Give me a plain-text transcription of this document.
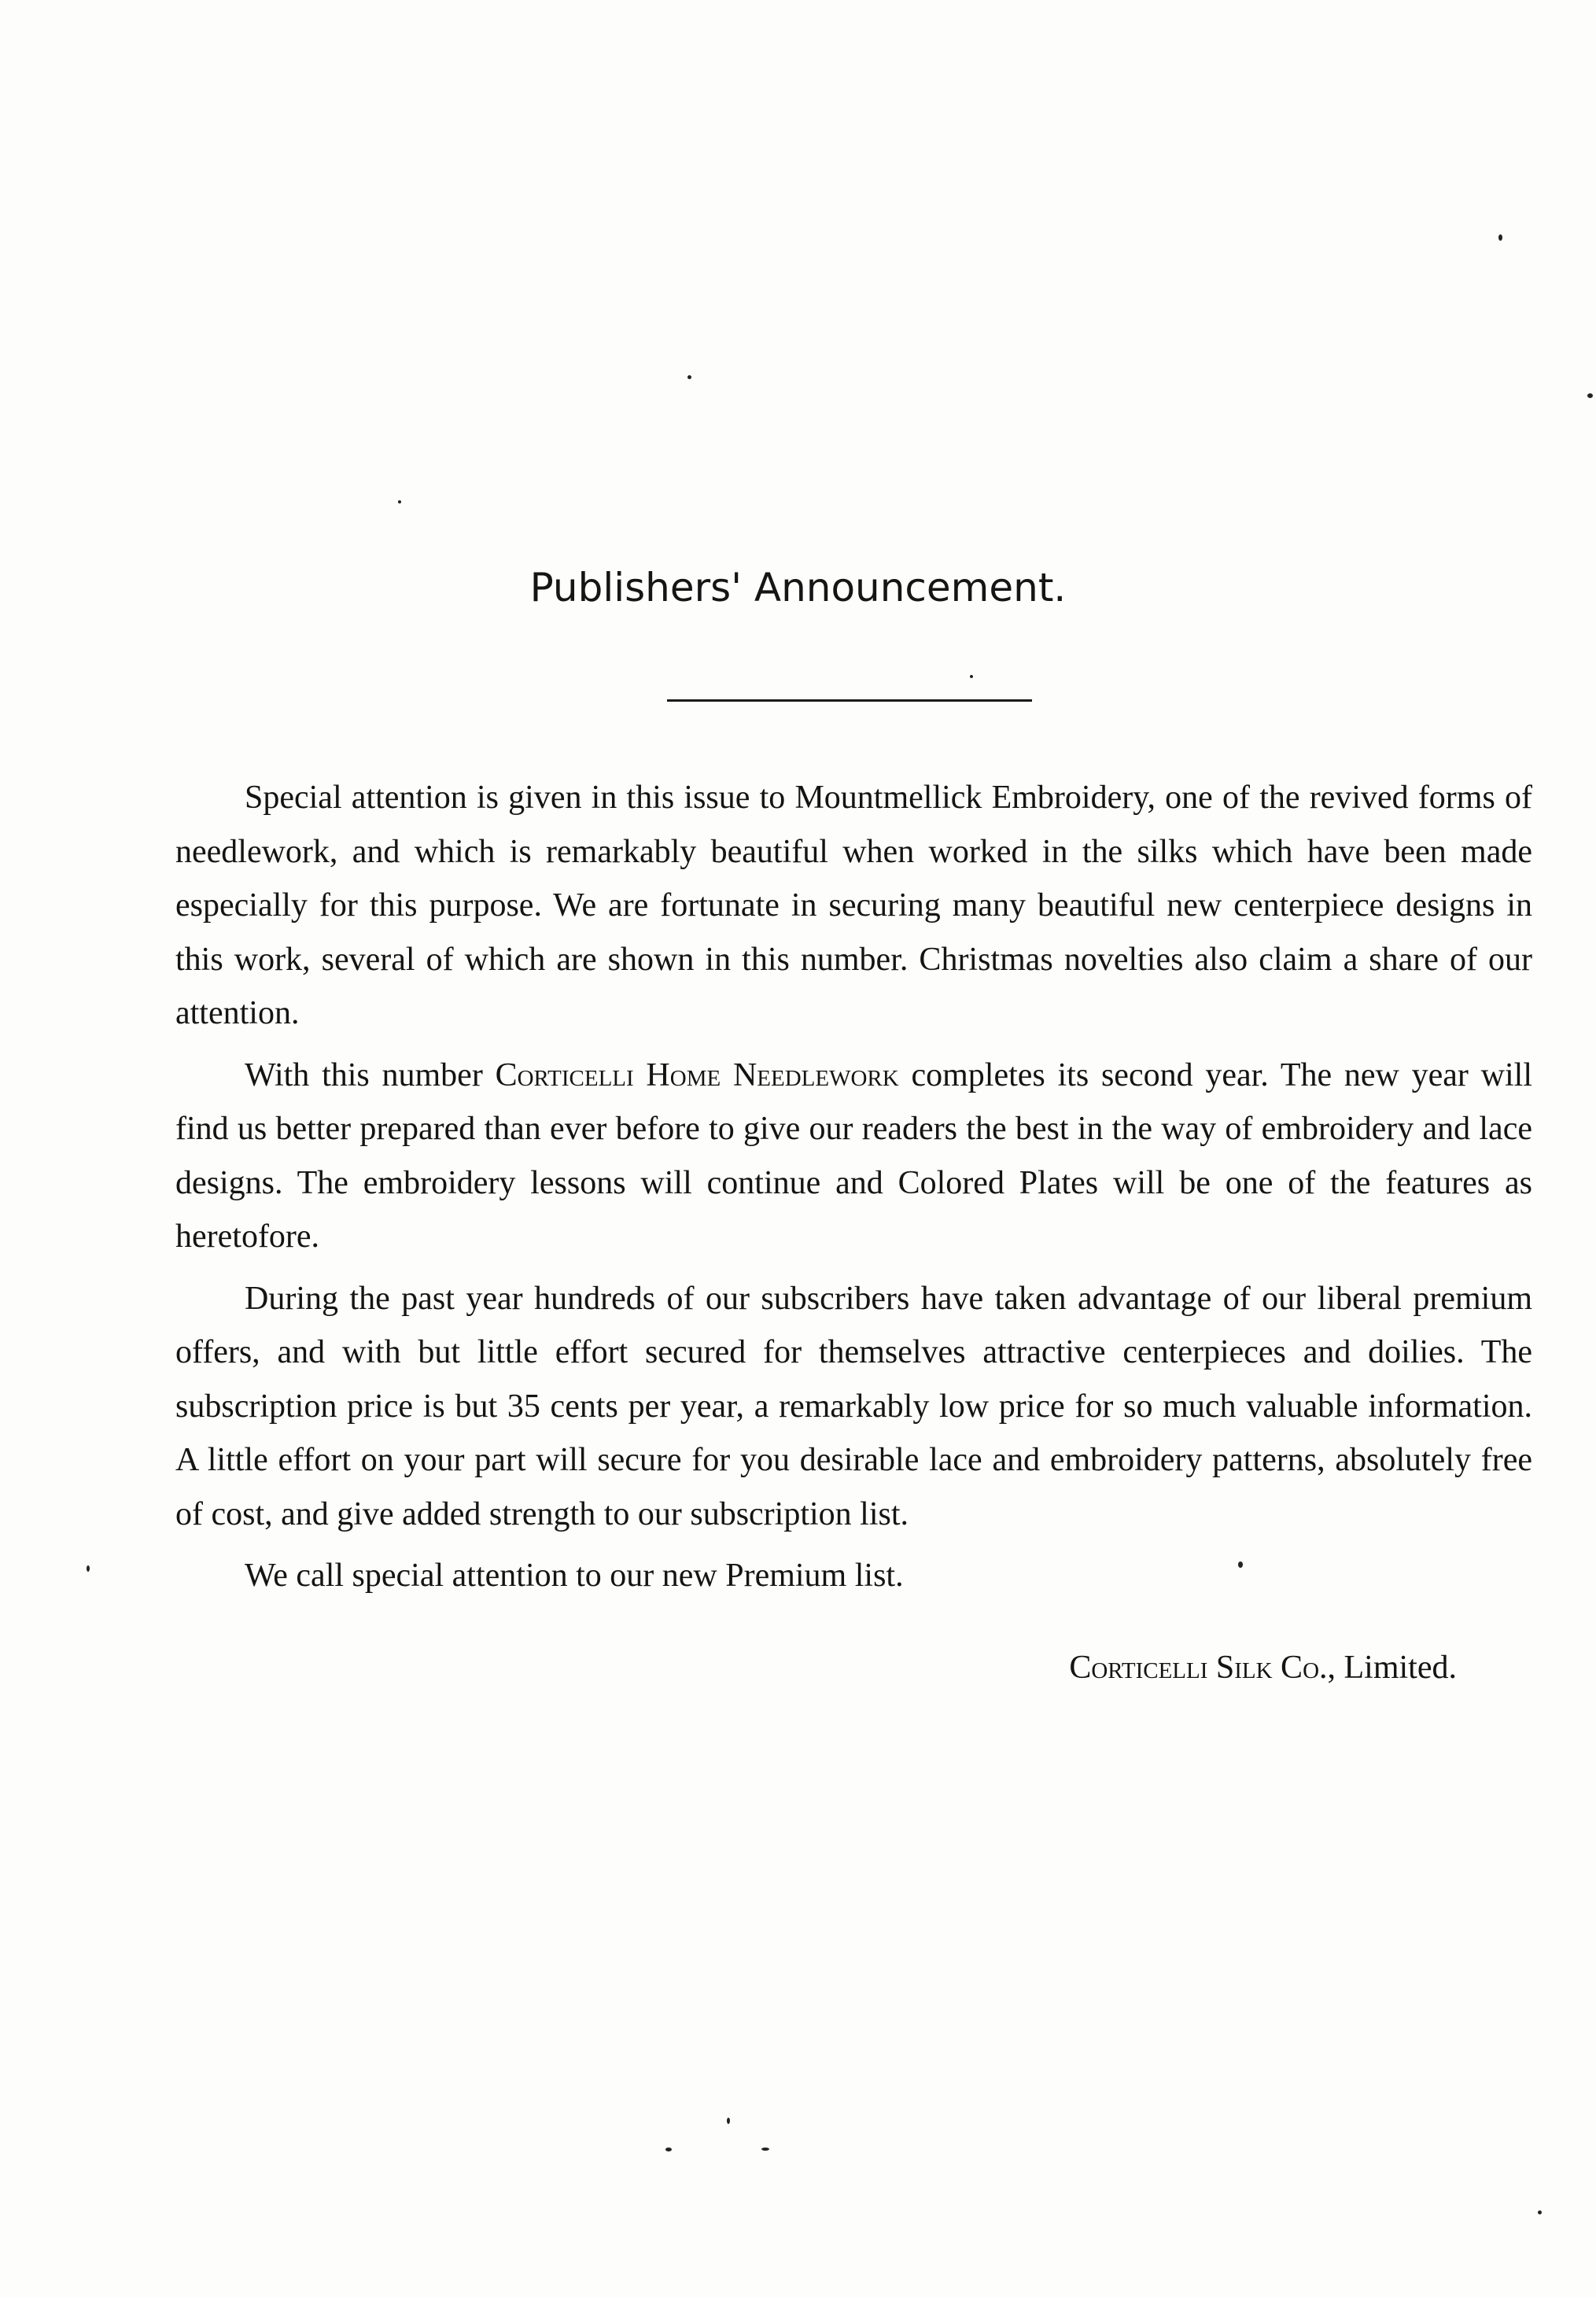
Publishers' Announcement.

Special attention is given in this issue to Mountmellick Embroidery, one of the revived forms of needlework, and which is remarkably beautiful when worked in the silks which have been made especially for this purpose. We are fortunate in securing many beautiful new centerpiece designs in this work, several of which are shown in this number. Christmas novelties also claim a share of our attention.

With this number Corticelli Home Needlework completes its second year. The new year will find us better prepared than ever before to give our readers the best in the way of embroidery and lace designs. The embroidery lessons will continue and Colored Plates will be one of the features as heretofore.

During the past year hundreds of our subscribers have taken advantage of our liberal premium offers, and with but little effort secured for themselves attractive centerpieces and doilies. The subscription price is but 35 cents per year, a remarkably low price for so much valuable information. A little effort on your part will secure for you desirable lace and embroidery patterns, absolutely free of cost, and give added strength to our subscription list.

We call special attention to our new Premium list.

Corticelli Silk Co., Limited.
